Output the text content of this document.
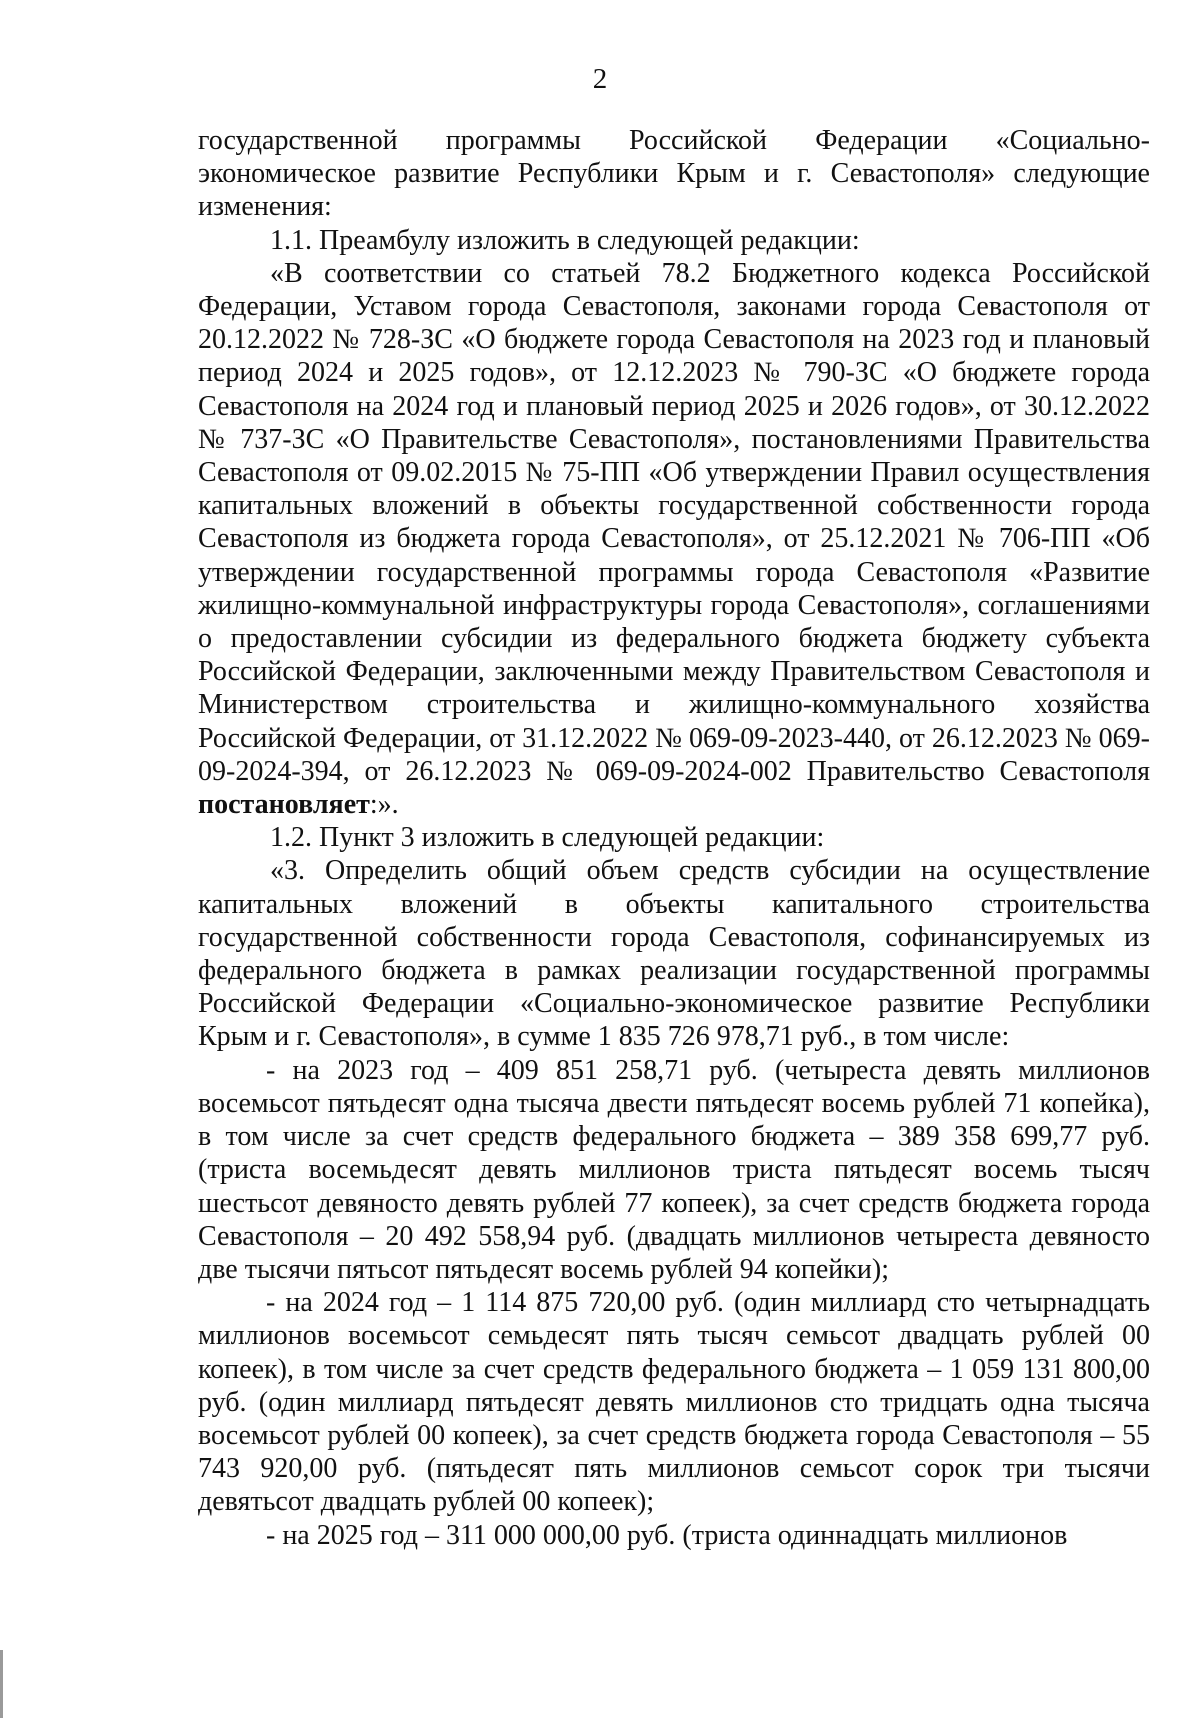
2

государственной программы Российской Федерации «Социально-экономическое развитие Республики Крым и г. Севастополя» следующие изменения:

1.1. Преамбулу изложить в следующей редакции:

«В соответствии со статьей 78.2 Бюджетного кодекса Российской Федерации, Уставом города Севастополя, законами города Севастополя от 20.12.2022 № 728-ЗС «О бюджете города Севастополя на 2023 год и плановый период 2024 и 2025 годов», от 12.12.2023 № 790-ЗС «О бюджете города Севастополя на 2024 год и плановый период 2025 и 2026 годов», от 30.12.2022 № 737-ЗС «О Правительстве Севастополя», постановлениями Правительства Севастополя от 09.02.2015 № 75-ПП «Об утверждении Правил осуществления капитальных вложений в объекты государственной собственности города Севастополя из бюджета города Севастополя», от 25.12.2021 № 706-ПП «Об утверждении государственной программы города Севастополя «Развитие жилищно-коммунальной инфраструктуры города Севастополя», соглашениями о предоставлении субсидии из федерального бюджета бюджету субъекта Российской Федерации, заключенными между Правительством Севастополя и Министерством строительства и жилищно-коммунального хозяйства Российской Федерации, от 31.12.2022 № 069-09-2023-440, от 26.12.2023 № 069-09-2024-394, от 26.12.2023 № 069-09-2024-002 Правительство Севастополя постановляет:».

1.2. Пункт 3 изложить в следующей редакции:

«3. Определить общий объем средств субсидии на осуществление капитальных вложений в объекты капитального строительства государственной собственности города Севастополя, софинансируемых из федерального бюджета в рамках реализации государственной программы Российской Федерации «Социально-экономическое развитие Республики Крым и г. Севастополя», в сумме 1 835 726 978,71 руб., в том числе:

- на 2023 год – 409 851 258,71 руб. (четыреста девять миллионов восемьсот пятьдесят одна тысяча двести пятьдесят восемь рублей 71 копейка), в том числе за счет средств федерального бюджета – 389 358 699,77 руб. (триста восемьдесят девять миллионов триста пятьдесят восемь тысяч шестьсот девяносто девять рублей 77 копеек), за счет средств бюджета города Севастополя – 20 492 558,94 руб. (двадцать миллионов четыреста девяносто две тысячи пятьсот пятьдесят восемь рублей 94 копейки);

- на 2024 год – 1 114 875 720,00 руб. (один миллиард сто четырнадцать миллионов восемьсот семьдесят пять тысяч семьсот двадцать рублей 00 копеек), в том числе за счет средств федерального бюджета – 1 059 131 800,00 руб. (один миллиард пятьдесят девять миллионов сто тридцать одна тысяча восемьсот рублей 00 копеек), за счет средств бюджета города Севастополя – 55 743 920,00 руб. (пятьдесят пять миллионов семьсот сорок три тысячи девятьсот двадцать рублей 00 копеек);

- на 2025 год – 311 000 000,00 руб. (триста одиннадцать миллионов
